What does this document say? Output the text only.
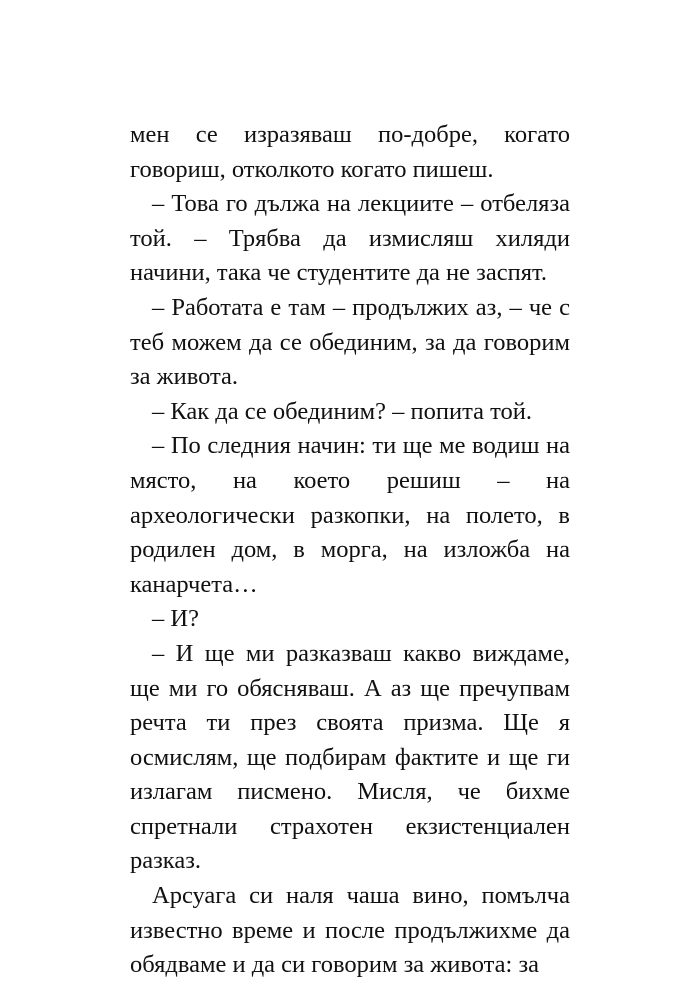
мен се изразяваш по-добре, когато говориш, отколкото когато пишеш.

– Това го дължа на лекциите – отбеляза той. – Трябва да измисляш хиляди начини, така че студентите да не заспят.

– Работата е там – продължих аз, – че с теб можем да се обединим, за да говорим за живота.

– Как да се обединим? – попита той.

– По следния начин: ти ще ме водиш на място, на което решиш – на археологически разкопки, на полето, в родилен дом, в морга, на изложба на канарчета…

– И?

– И ще ми разказваш какво виждаме, ще ми го обясняваш. А аз ще пречупвам речта ти през своята призма. Ще я осмислям, ще подбирам фактите и ще ги излагам писмено. Мисля, че бихме спретнали страхотен екзистенциален разказ.

Арсуага си наля чаша вино, помълча известно време и после продължихме да обядваме и да си говорим за живота: за
